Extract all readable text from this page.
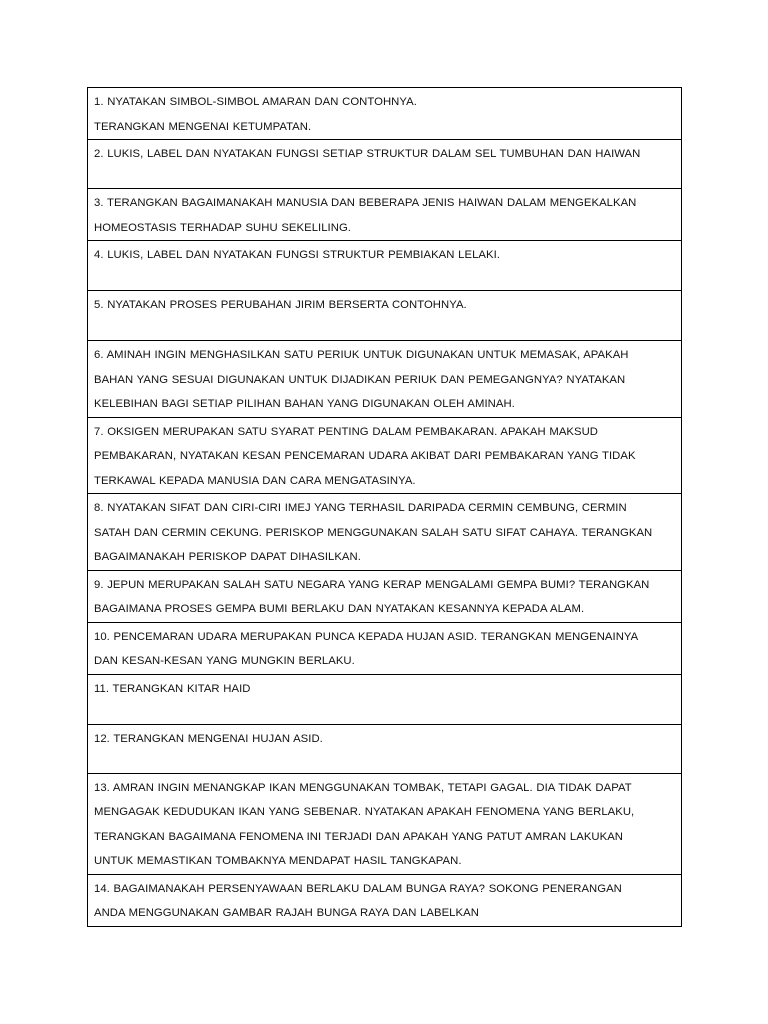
1. NYATAKAN SIMBOL-SIMBOL AMARAN DAN CONTOHNYA.
TERANGKAN MENGENAI KETUMPATAN.

2. LUKIS, LABEL DAN NYATAKAN FUNGSI SETIAP STRUKTUR DALAM SEL TUMBUHAN DAN HAIWAN

3. TERANGKAN BAGAIMANAKAH MANUSIA DAN BEBERAPA JENIS HAIWAN DALAM MENGEKALKAN
HOMEOSTASIS TERHADAP SUHU SEKELILING.

4. LUKIS, LABEL DAN NYATAKAN FUNGSI STRUKTUR PEMBIAKAN LELAKI.

5. NYATAKAN PROSES PERUBAHAN JIRIM BERSERTA CONTOHNYA.

6. AMINAH INGIN MENGHASILKAN SATU PERIUK UNTUK DIGUNAKAN UNTUK MEMASAK, APAKAH
BAHAN YANG SESUAI DIGUNAKAN UNTUK DIJADIKAN PERIUK DAN PEMEGANGNYA? NYATAKAN
KELEBIHAN BAGI SETIAP PILIHAN BAHAN YANG DIGUNAKAN OLEH AMINAH.

7. OKSIGEN MERUPAKAN SATU SYARAT PENTING DALAM PEMBAKARAN. APAKAH MAKSUD
PEMBAKARAN, NYATAKAN KESAN PENCEMARAN UDARA AKIBAT DARI PEMBAKARAN YANG TIDAK
TERKAWAL KEPADA MANUSIA DAN CARA MENGATASINYA.

8. NYATAKAN SIFAT DAN CIRI-CIRI IMEJ YANG TERHASIL DARIPADA CERMIN CEMBUNG, CERMIN
SATAH DAN CERMIN CEKUNG. PERISKOP MENGGUNAKAN SALAH SATU SIFAT CAHAYA. TERANGKAN
BAGAIMANAKAH PERISKOP DAPAT DIHASILKAN.

9. JEPUN MERUPAKAN SALAH SATU NEGARA YANG KERAP MENGALAMI GEMPA BUMI? TERANGKAN
BAGAIMANA PROSES GEMPA BUMI BERLAKU DAN NYATAKAN KESANNYA KEPADA ALAM.

10. PENCEMARAN UDARA MERUPAKAN PUNCA KEPADA HUJAN ASID. TERANGKAN MENGENAINYA
DAN KESAN-KESAN YANG MUNGKIN BERLAKU.

11. TERANGKAN KITAR HAID

12. TERANGKAN MENGENAI HUJAN ASID.

13. AMRAN INGIN MENANGKAP IKAN MENGGUNAKAN TOMBAK, TETAPI GAGAL. DIA TIDAK DAPAT
MENGAGAK KEDUDUKAN IKAN YANG SEBENAR. NYATAKAN APAKAH FENOMENA YANG BERLAKU,
TERANGKAN BAGAIMANA FENOMENA INI TERJADI DAN APAKAH YANG PATUT AMRAN LAKUKAN
UNTUK MEMASTIKAN TOMBAKNYA MENDAPAT HASIL TANGKAPAN.

14. BAGAIMANAKAH PERSENYAWAAN BERLAKU DALAM BUNGA RAYA? SOKONG PENERANGAN
ANDA MENGGUNAKAN GAMBAR RAJAH BUNGA RAYA DAN LABELKAN
